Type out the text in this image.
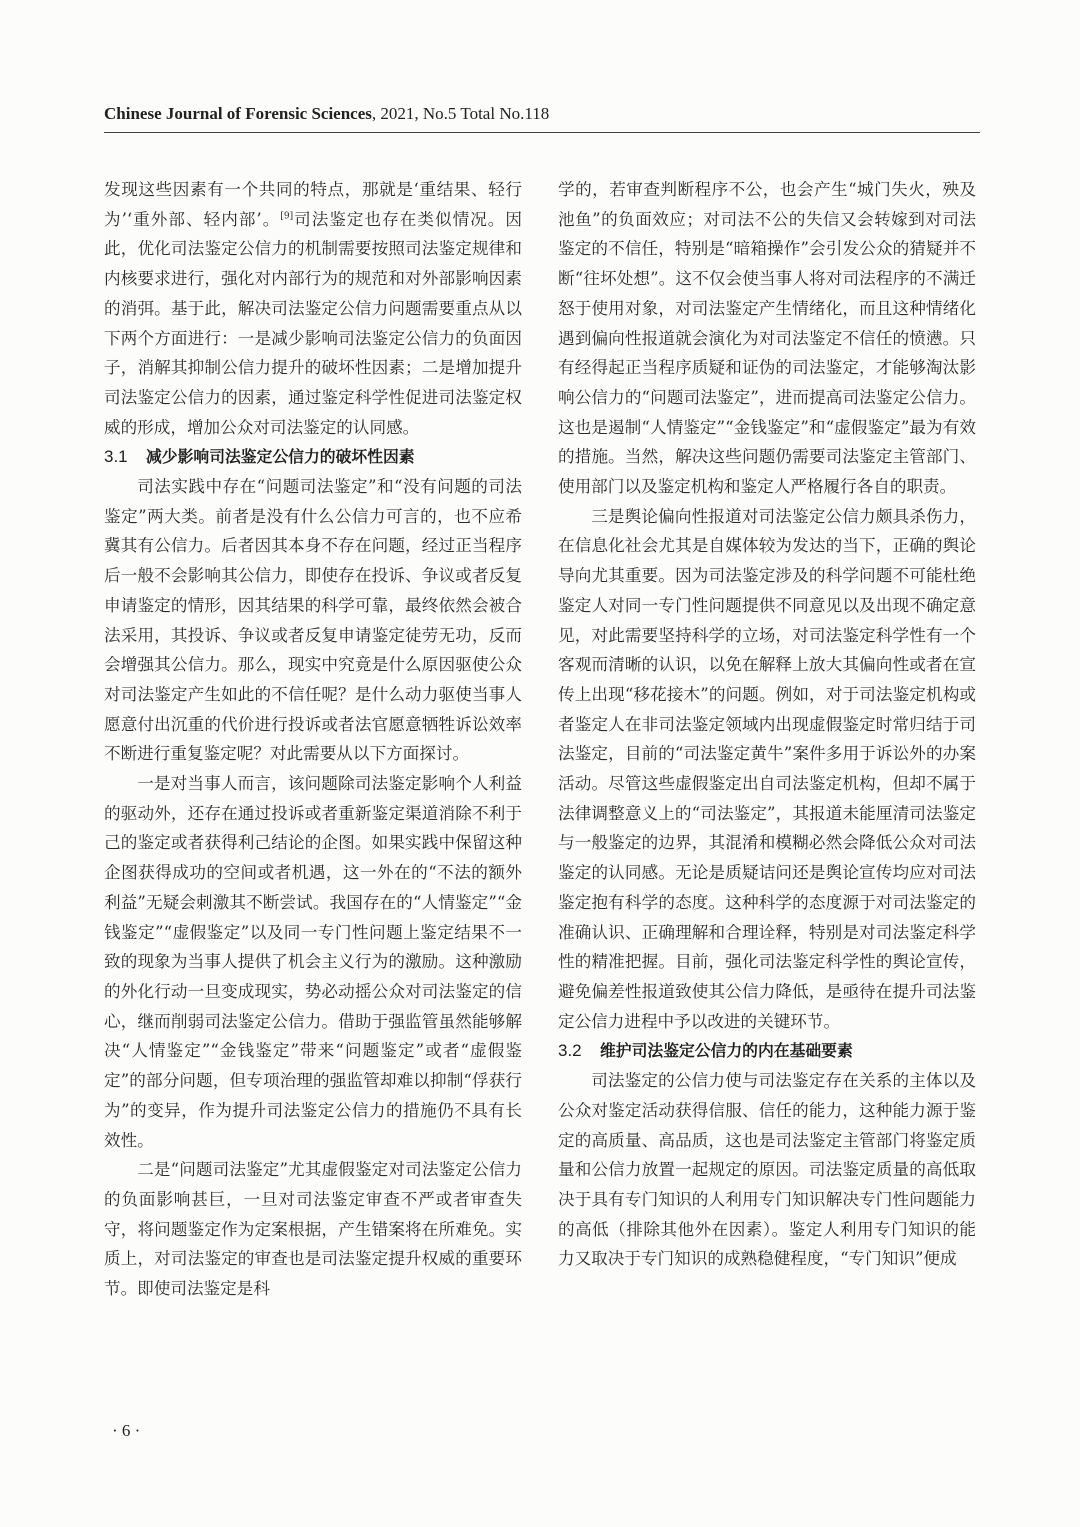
Chinese Journal of Forensic Sciences, 2021, No.5 Total No.118

发现这些因素有一个共同的特点，那就是‘重结果、轻行为’‘重外部、轻内部’。[9]司法鉴定也存在类似情况。因此，优化司法鉴定公信力的机制需要按照司法鉴定规律和内核要求进行，强化对内部行为的规范和对外部影响因素的消弭。基于此，解决司法鉴定公信力问题需要重点从以下两个方面进行：一是减少影响司法鉴定公信力的负面因子，消解其抑制公信力提升的破坏性因素；二是增加提升司法鉴定公信力的因素，通过鉴定科学性促进司法鉴定权威的形成，增加公众对司法鉴定的认同感。

3.1 减少影响司法鉴定公信力的破坏性因素

司法实践中存在“问题司法鉴定”和“没有问题的司法鉴定”两大类。前者是没有什么公信力可言的，也不应希冀其有公信力。后者因其本身不存在问题，经过正当程序后一般不会影响其公信力，即使存在投诉、争议或者反复申请鉴定的情形，因其结果的科学可靠，最终依然会被合法采用，其投诉、争议或者反复申请鉴定徒劳无功，反而会增强其公信力。那么，现实中究竟是什么原因驱使公众对司法鉴定产生如此的不信任呢？是什么动力驱使当事人愿意付出沉重的代价进行投诉或者法官愿意牺牲诉讼效率不断进行重复鉴定呢？对此需要从以下方面探讨。

一是对当事人而言，该问题除司法鉴定影响个人利益的驱动外，还存在通过投诉或者重新鉴定渠道消除不利于己的鉴定或者获得利己结论的企图。如果实践中保留这种企图获得成功的空间或者机遇，这一外在的“不法的额外利益”无疑会刺激其不断尝试。我国存在的“人情鉴定”“金钱鉴定”“虚假鉴定”以及同一专门性问题上鉴定结果不一致的现象为当事人提供了机会主义行为的激励。这种激励的外化行动一旦变成现实，势必动摇公众对司法鉴定的信心，继而削弱司法鉴定公信力。借助于强监管虽然能够解决“人情鉴定”“金钱鉴定”带来“问题鉴定”或者“虚假鉴定”的部分问题，但专项治理的强监管却难以抑制“俘获行为”的变异，作为提升司法鉴定公信力的措施仍不具有长效性。

二是“问题司法鉴定”尤其虚假鉴定对司法鉴定公信力的负面影响甚巨，一旦对司法鉴定审查不严或者审查失守，将问题鉴定作为定案根据，产生错案将在所难免。实质上，对司法鉴定的审查也是司法鉴定提升权威的重要环节。即使司法鉴定是科

学的，若审查判断程序不公，也会产生“城门失火，殃及池鱼”的负面效应；对司法不公的失信又会转嫁到对司法鉴定的不信任，特别是“暗箱操作”会引发公众的猜疑并不断“往坏处想”。这不仅会使当事人将对司法程序的不满迁怒于使用对象，对司法鉴定产生情绪化，而且这种情绪化遇到偏向性报道就会演化为对司法鉴定不信任的愤懑。只有经得起正当程序质疑和证伪的司法鉴定，才能够淘汰影响公信力的“问题司法鉴定”，进而提高司法鉴定公信力。这也是遏制“人情鉴定”“金钱鉴定”和“虚假鉴定”最为有效的措施。当然，解决这些问题仍需要司法鉴定主管部门、使用部门以及鉴定机构和鉴定人严格履行各自的职责。

三是舆论偏向性报道对司法鉴定公信力颇具杀伤力，在信息化社会尤其是自媒体较为发达的当下，正确的舆论导向尤其重要。因为司法鉴定涉及的科学问题不可能杜绝鉴定人对同一专门性问题提供不同意见以及出现不确定意见，对此需要坚持科学的立场，对司法鉴定科学性有一个客观而清晰的认识，以免在解释上放大其偏向性或者在宣传上出现“移花接木”的问题。例如，对于司法鉴定机构或者鉴定人在非司法鉴定领域内出现虚假鉴定时常归结于司法鉴定，目前的“司法鉴定黄牛”案件多用于诉讼外的办案活动。尽管这些虚假鉴定出自司法鉴定机构，但却不属于法律调整意义上的“司法鉴定”，其报道未能厘清司法鉴定与一般鉴定的边界，其混淆和模糊必然会降低公众对司法鉴定的认同感。无论是质疑诘问还是舆论宣传均应对司法鉴定抱有科学的态度。这种科学的态度源于对司法鉴定的准确认识、正确理解和合理诠释，特别是对司法鉴定科学性的精准把握。目前，强化司法鉴定科学性的舆论宣传，避免偏差性报道致使其公信力降低，是亟待在提升司法鉴定公信力进程中予以改进的关键环节。

3.2 维护司法鉴定公信力的内在基础要素

司法鉴定的公信力使与司法鉴定存在关系的主体以及公众对鉴定活动获得信服、信任的能力，这种能力源于鉴定的高质量、高品质，这也是司法鉴定主管部门将鉴定质量和公信力放置一起规定的原因。司法鉴定质量的高低取决于具有专门知识的人利用专门知识解决专门性问题能力的高低（排除其他外在因素）。鉴定人利用专门知识的能力又取决于专门知识的成熟稳健程度，“专门知识”便成

· 6 ·
